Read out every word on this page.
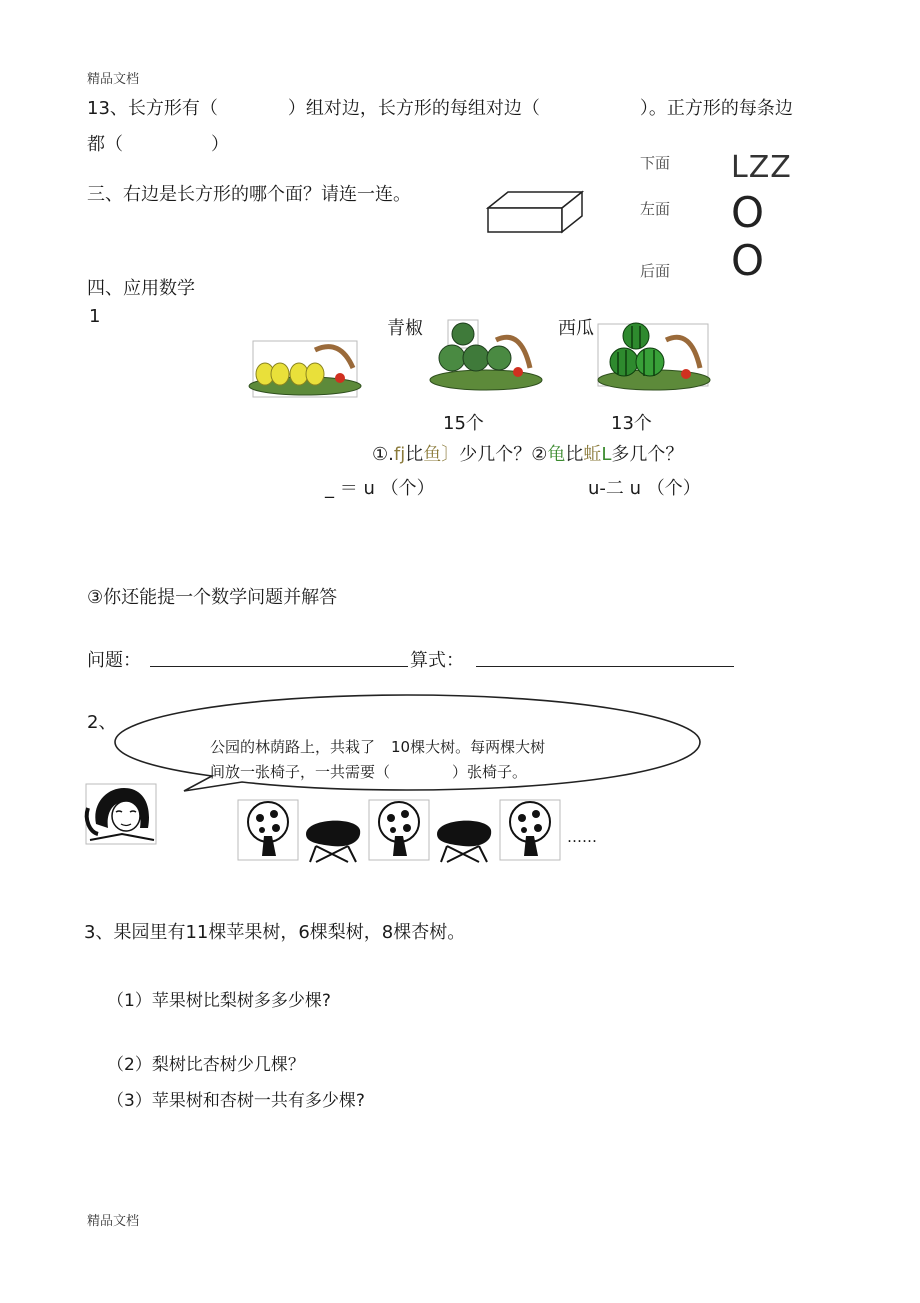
精品文档
13、长方形有（	）组对边，长方形的每组对边（	）。正方形的每条边
都（	）
三、右边是长方形的哪个面？请连一连。
下面
左面
后面
LZZ
O
O
四、应用数学
1
青椒	西瓜
15个	13个
①.fj比鱼〕少几个？②龟比蚯L多几个？
_ ＝ u （个）	u-二 u （个）
③你还能提一个数学问题并解答
问题：	算式：
2、
公园的林荫路上，共栽了 10棵大树。每两棵大树
间放一张椅子，一共需要（	）张椅子。
……
3、果园里有11棵苹果树，6棵梨树，8棵杏树。
（1）苹果树比梨树多多少棵?
（2）梨树比杏树少几棵？
（3）苹果树和杏树一共有多少棵?
精品文档
